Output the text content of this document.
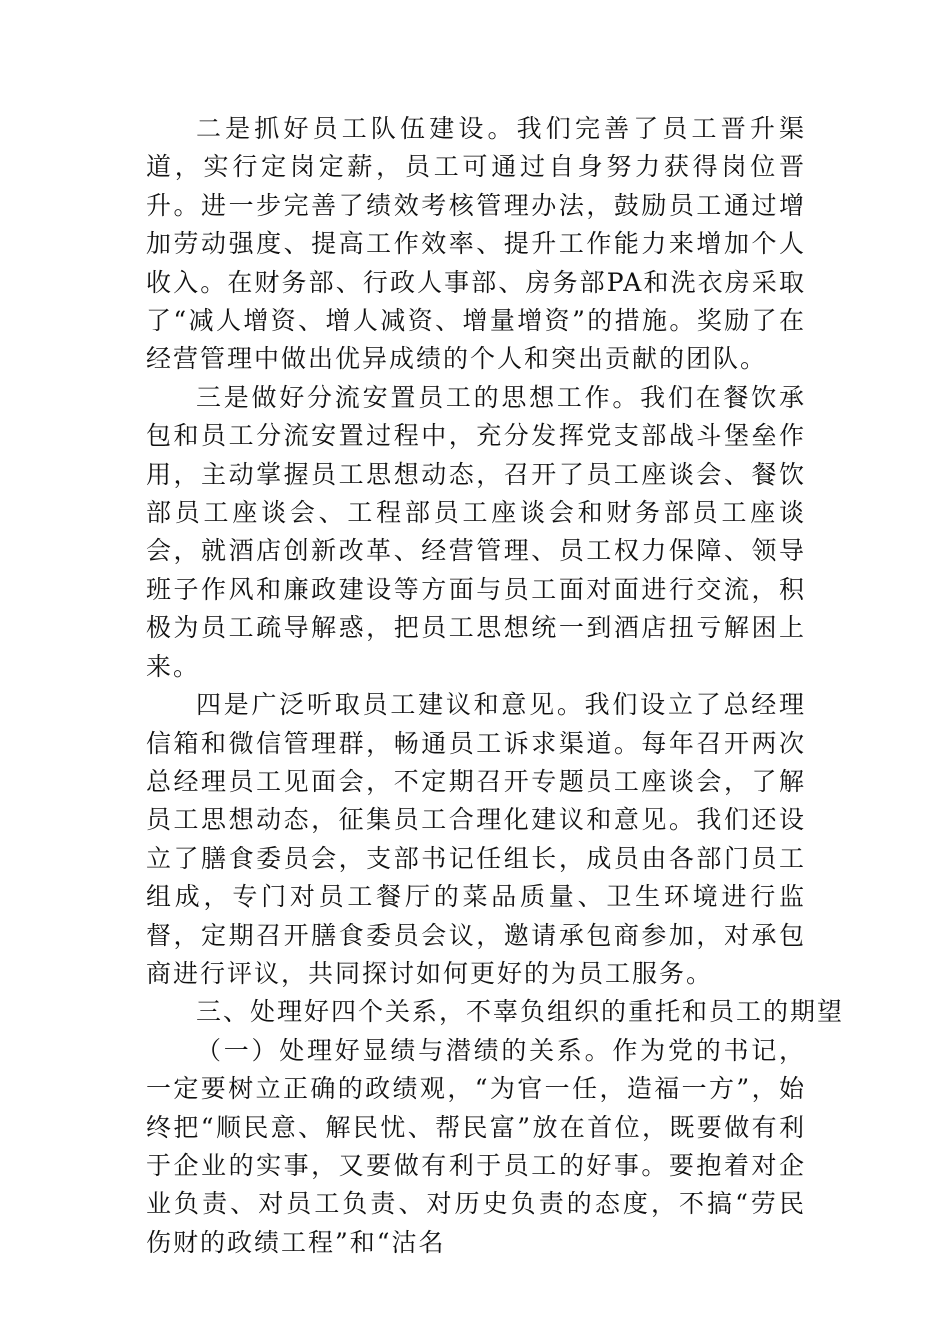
二是抓好员工队伍建设。我们完善了员工晋升渠道，实行定岗定薪，员工可通过自身努力获得岗位晋升。进一步完善了绩效考核管理办法，鼓励员工通过增加劳动强度、提高工作效率、提升工作能力来增加个人收入。在财务部、行政人事部、房务部PA和洗衣房采取了“减人增资、增人减资、增量增资”的措施。奖励了在经营管理中做出优异成绩的个人和突出贡献的团队。

三是做好分流安置员工的思想工作。我们在餐饮承包和员工分流安置过程中，充分发挥党支部战斗堡垒作用，主动掌握员工思想动态，召开了员工座谈会、餐饮部员工座谈会、工程部员工座谈会和财务部员工座谈会，就酒店创新改革、经营管理、员工权力保障、领导班子作风和廉政建设等方面与员工面对面进行交流，积极为员工疏导解惑，把员工思想统一到酒店扭亏解困上来。

四是广泛听取员工建议和意见。我们设立了总经理信箱和微信管理群，畅通员工诉求渠道。每年召开两次总经理员工见面会，不定期召开专题员工座谈会，了解员工思想动态，征集员工合理化建议和意见。我们还设立了膳食委员会，支部书记任组长，成员由各部门员工组成，专门对员工餐厅的菜品质量、卫生环境进行监督，定期召开膳食委员会议，邀请承包商参加，对承包商进行评议，共同探讨如何更好的为员工服务。

三、处理好四个关系，不辜负组织的重托和员工的期望

（一）处理好显绩与潜绩的关系。作为党的书记，一定要树立正确的政绩观，“为官一任，造福一方”，始终把“顺民意、解民忧、帮民富”放在首位，既要做有利于企业的实事，又要做有利于员工的好事。要抱着对企业负责、对员工负责、对历史负责的态度，不搞“劳民伤财的政绩工程”和“沽名
